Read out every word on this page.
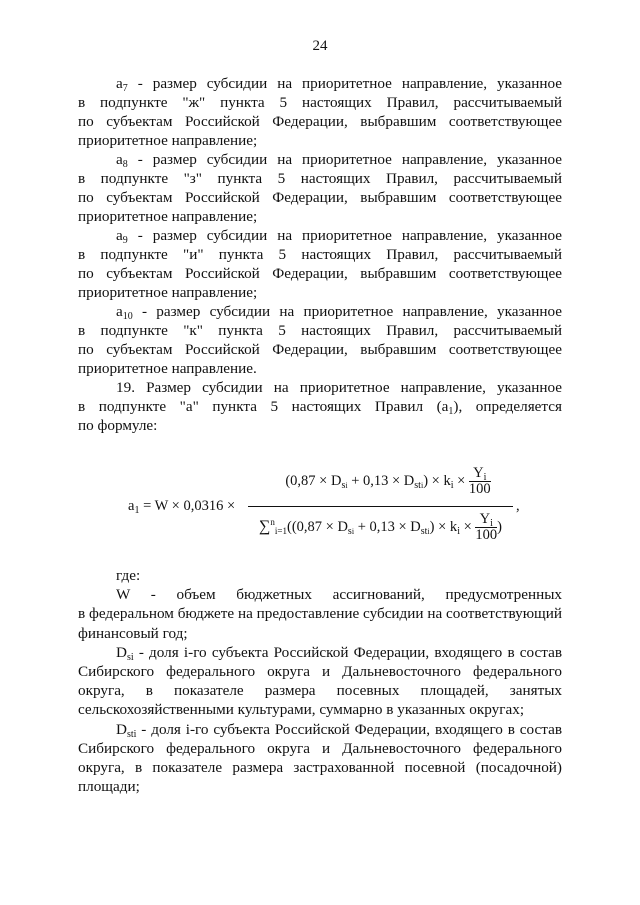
24

$a_7$ - размер субсидии на приоритетное направление, указанное

в подпункте "ж" пункта 5 настоящих Правил, рассчитываемый

по субъектам Российской Федерации, выбравшим соответствующее

приоритетное направление;

$a_8$ - размер субсидии на приоритетное направление, указанное

в подпункте "з" пункта 5 настоящих Правил, рассчитываемый

по субъектам Российской Федерации, выбравшим соответствующее

приоритетное направление;

$a_9$ - размер субсидии на приоритетное направление, указанное

в подпункте "и" пункта 5 настоящих Правил, рассчитываемый

по субъектам Российской Федерации, выбравшим соответствующее

приоритетное направление;

$a_{10}$ - размер субсидии на приоритетное направление, указанное

в подпункте "к" пункта 5 настоящих Правил, рассчитываемый

по субъектам Российской Федерации, выбравшим соответствующее

приоритетное направление.

19. Размер субсидии на приоритетное направление, указанное

в подпункте "а" пункта 5 настоящих Правил $(a_1)$, определяется

по формуле:

$a_1 = W \times 0,0316$ ×
$(0,87 \times D_{si} + 0,13 \times D_{sti}) \times k_i \times \frac{Y_i}{100}$
$\sum^n_{i=1}((0,87 \times D_{si} + 0,13 \times D_{sti}) \times k_i \times \frac{Y_i}{100}$ )
,

где:

W - объем бюджетных ассигнований, предусмотренных

в федеральном бюджете на предоставление субсидии на соответствующий

финансовый год;

$D_{si}$ - доля i-го субъекта Российской Федерации, входящего в состав

Сибирского федерального округа и Дальневосточного федерального

округа, в показателе размера посевных площадей, занятых

сельскохозяйственными культурами, суммарно в указанных округах;

$D_{sti}$ - доля i-го субъекта Российской Федерации, входящего в состав

Сибирского федерального округа и Дальневосточного федерального

округа, в показателе размера застрахованной посевной (посадочной)

площади;
